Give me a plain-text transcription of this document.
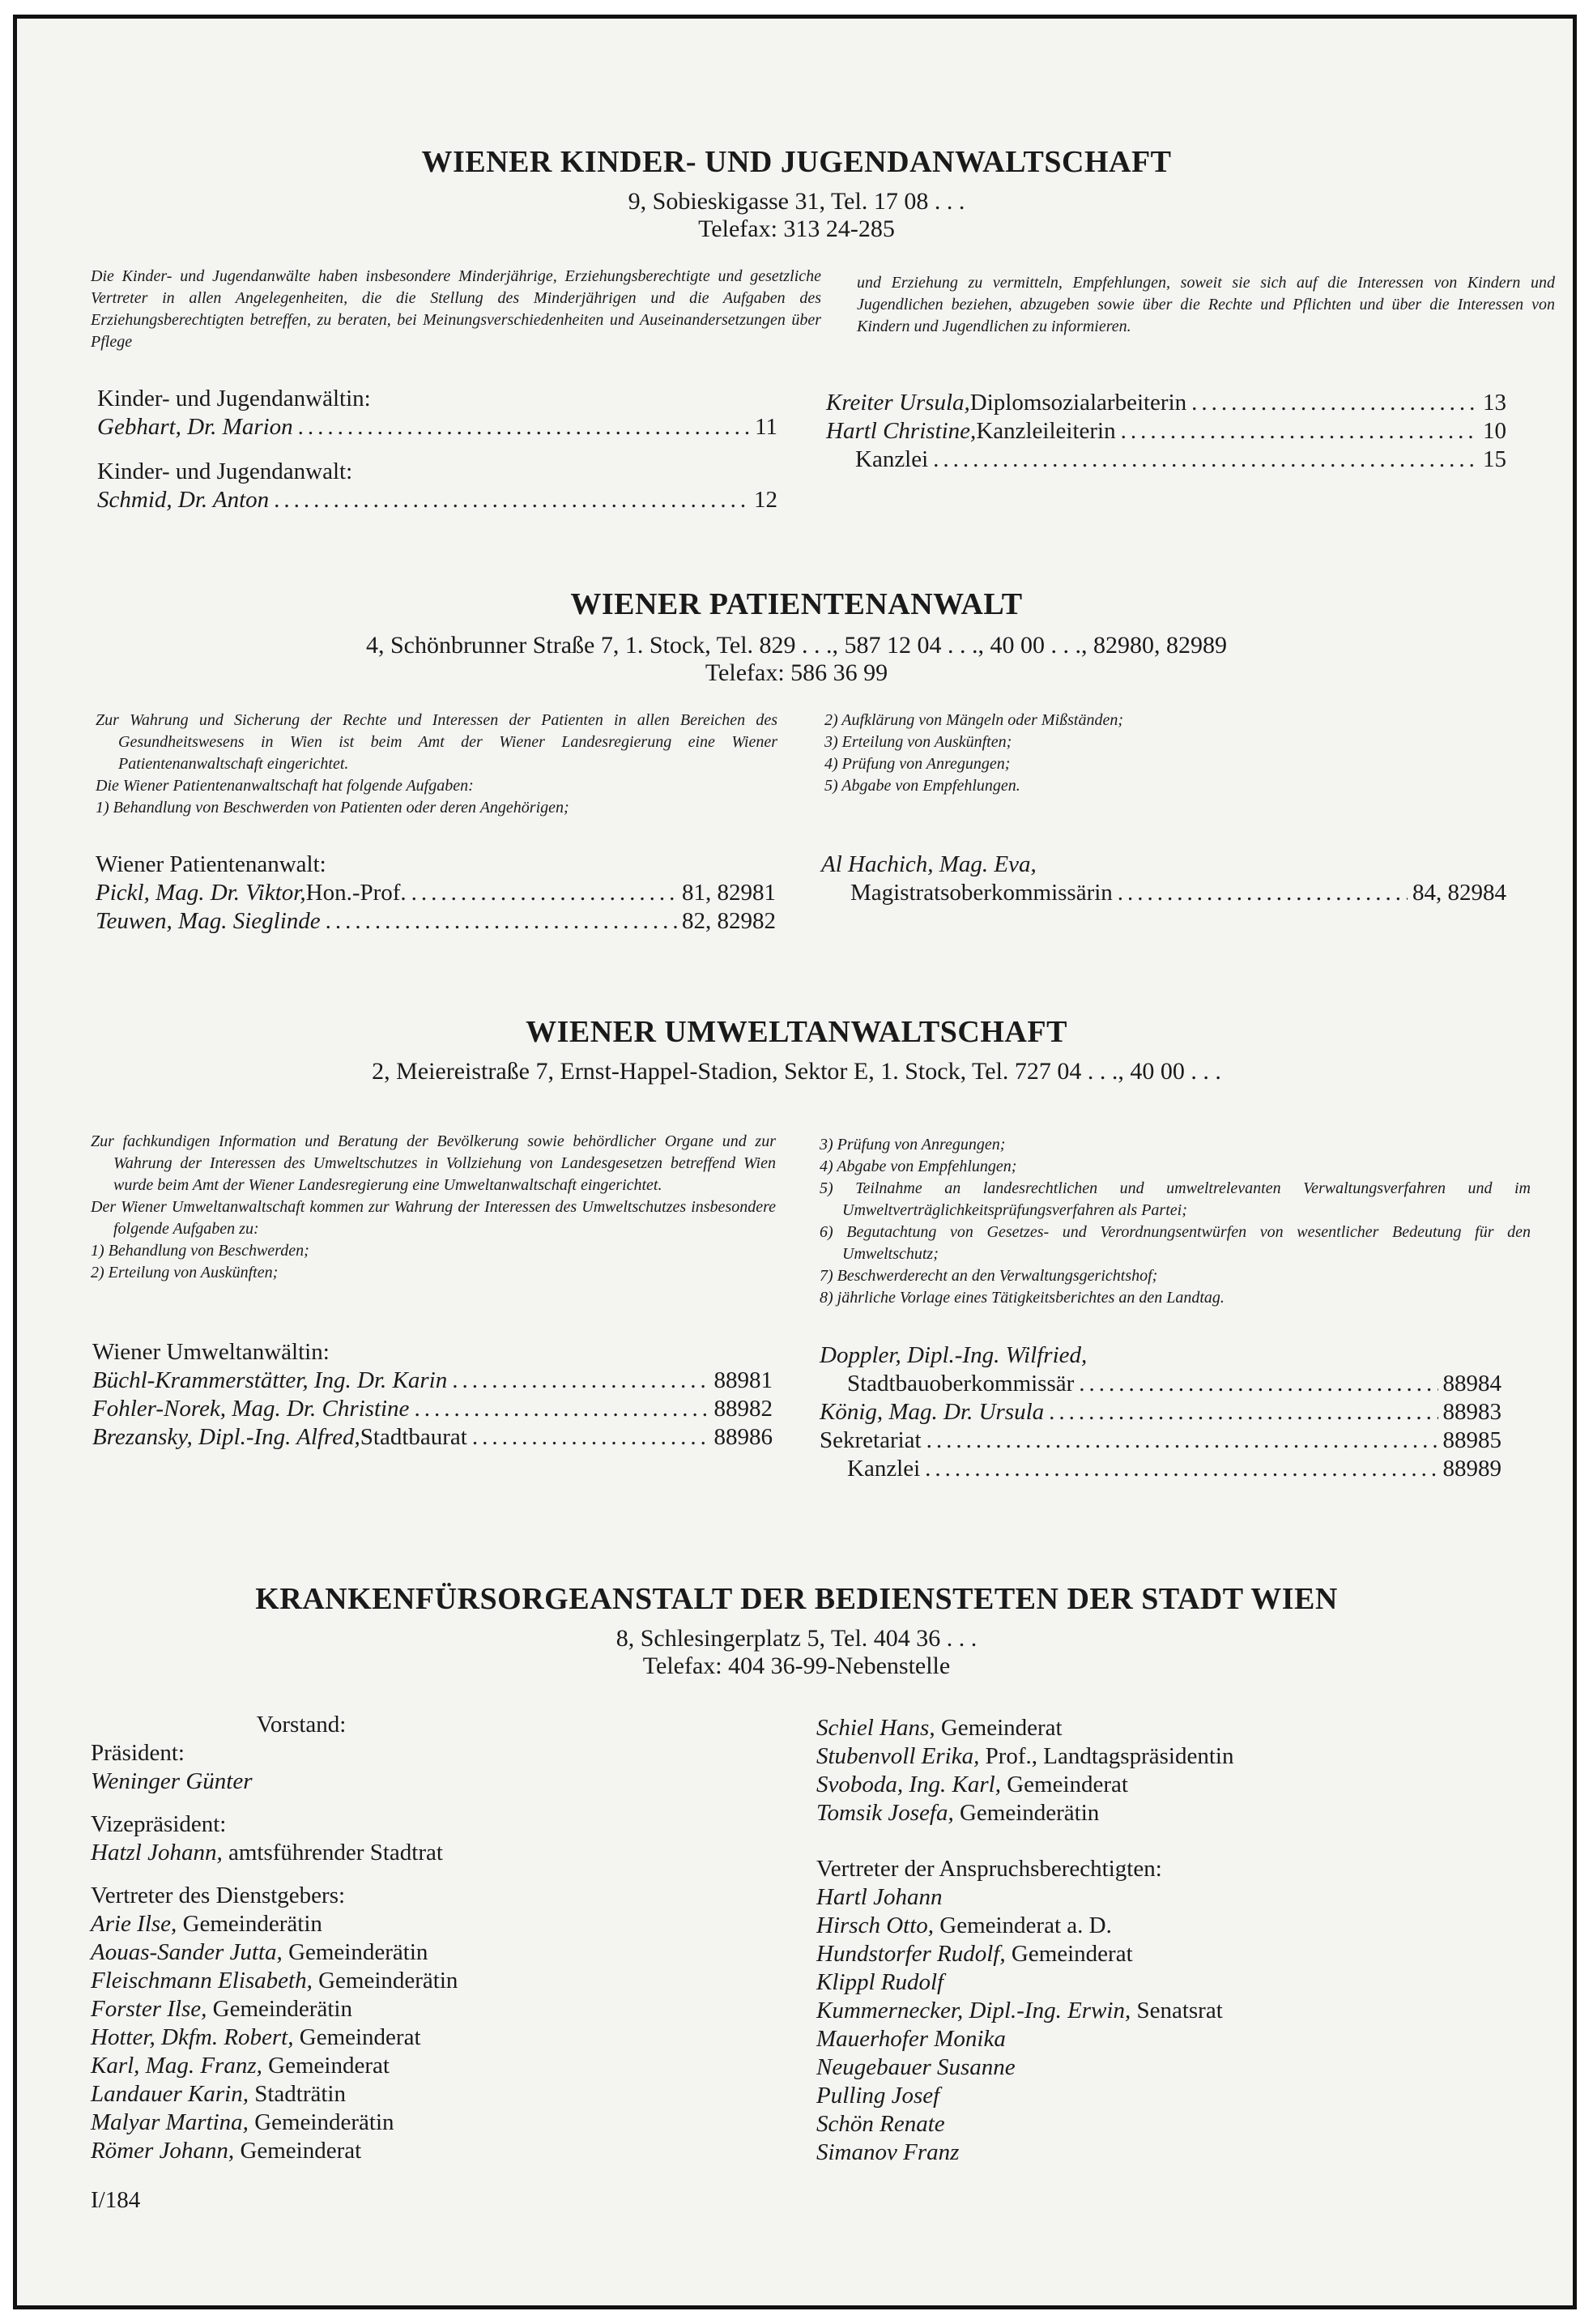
WIENER KINDER- UND JUGENDANWALTSCHAFT
9, Sobieskigasse 31, Tel. 17 08 . . .
Telefax: 313 24-285

Die Kinder- und Jugendanwälte haben insbesondere Minderjährige, Erziehungsberechtigte und gesetzliche Vertreter in allen Angelegenheiten, die die Stellung des Minderjährigen und die Aufgaben des Erziehungsberechtigten betreffen, zu beraten, bei Meinungsverschiedenheiten und Auseinandersetzungen über Pflege

und Erziehung zu vermitteln, Empfehlungen, soweit sie sich auf die Interessen von Kindern und Jugendlichen beziehen, abzugeben sowie über die Rechte und Pflichten und über die Interessen von Kindern und Jugendlichen zu informieren.

Kinder- und Jugendanwältin:
Gebhart, Dr. Marion .....	11
Kinder- und Jugendanwalt:
Schmid, Dr. Anton .....	12
Kreiter Ursula, Diplomsozialarbeiterin .....	13
Hartl Christine, Kanzleileiterin .....	10
Kanzlei .....	15
WIENER PATIENTENANWALT
4, Schönbrunner Straße 7, 1. Stock, Tel. 829 . . ., 587 12 04 . . ., 40 00 . . ., 82980, 82989
Telefax: 586 36 99

Zur Wahrung und Sicherung der Rechte und Interessen der Patienten in allen Bereichen des Gesundheitswesens in Wien ist beim Amt der Wiener Landesregierung eine Wiener Patientenanwaltschaft eingerichtet.

Die Wiener Patientenanwaltschaft hat folgende Aufgaben:

1) Behandlung von Beschwerden von Patienten oder deren Angehörigen;

2) Aufklärung von Mängeln oder Mißständen;

3) Erteilung von Auskünften;

4) Prüfung von Anregungen;

5) Abgabe von Empfehlungen.

Wiener Patientenanwalt:
Pickl, Mag. Dr. Viktor, Hon.-Prof. .....	81, 82981
Teuwen, Mag. Sieglinde .....	82, 82982
Al Hachich, Mag. Eva,
Magistratsoberkommissärin .....	84, 82984
WIENER UMWELTANWALTSCHAFT
2, Meiereistraße 7, Ernst-Happel-Stadion, Sektor E, 1. Stock, Tel. 727 04 . . ., 40 00 . . .

Zur fachkundigen Information und Beratung der Bevölkerung sowie behördlicher Organe und zur Wahrung der Interessen des Umweltschutzes in Vollziehung von Landesgesetzen betreffend Wien wurde beim Amt der Wiener Landesregierung eine Umweltanwaltschaft eingerichtet.

Der Wiener Umweltanwaltschaft kommen zur Wahrung der Interessen des Umweltschutzes insbesondere folgende Aufgaben zu:

1) Behandlung von Beschwerden;

2) Erteilung von Auskünften;

3) Prüfung von Anregungen;

4) Abgabe von Empfehlungen;

5) Teilnahme an landesrechtlichen und umweltrelevanten Verwaltungsverfahren und im Umweltverträglichkeitsprüfungsverfahren als Partei;

6) Begutachtung von Gesetzes- und Verordnungsentwürfen von wesentlicher Bedeutung für den Umweltschutz;

7) Beschwerderecht an den Verwaltungsgerichtshof;

8) jährliche Vorlage eines Tätigkeitsberichtes an den Landtag.

Wiener Umweltanwältin:
Büchl-Krammerstätter, Ing. Dr. Karin .....	88981
Fohler-Norek, Mag. Dr. Christine .....	88982
Brezansky, Dipl.-Ing. Alfred, Stadtbaurat .....	88986
Doppler, Dipl.-Ing. Wilfried,
Stadtbauoberkommissär .....	88984
König, Mag. Dr. Ursula .....	88983
Sekretariat .....	88985
Kanzlei .....	88989
KRANKENFÜRSORGEANSTALT DER BEDIENSTETEN DER STADT WIEN
8, Schlesingerplatz 5, Tel. 404 36 . . .
Telefax: 404 36-99-Nebenstelle
Vorstand:
Präsident:
Weninger Günter
Vizepräsident:
Hatzl Johann, amtsführender Stadtrat
Vertreter des Dienstgebers:
Arie Ilse, Gemeinderätin
Aouas-Sander Jutta, Gemeinderätin
Fleischmann Elisabeth, Gemeinderätin
Forster Ilse, Gemeinderätin
Hotter, Dkfm. Robert, Gemeinderat
Karl, Mag. Franz, Gemeinderat
Landauer Karin, Stadträtin
Malyar Martina, Gemeinderätin
Römer Johann, Gemeinderat
Schiel Hans, Gemeinderat
Stubenvoll Erika, Prof., Landtagspräsidentin
Svoboda, Ing. Karl, Gemeinderat
Tomsik Josefa, Gemeinderätin
Vertreter der Anspruchsberechtigten:
Hartl Johann
Hirsch Otto, Gemeinderat a. D.
Hundstorfer Rudolf, Gemeinderat
Klippl Rudolf
Kummernecker, Dipl.-Ing. Erwin, Senatsrat
Mauerhofer Monika
Neugebauer Susanne
Pulling Josef
Schön Renate
Simanov Franz
I/184
